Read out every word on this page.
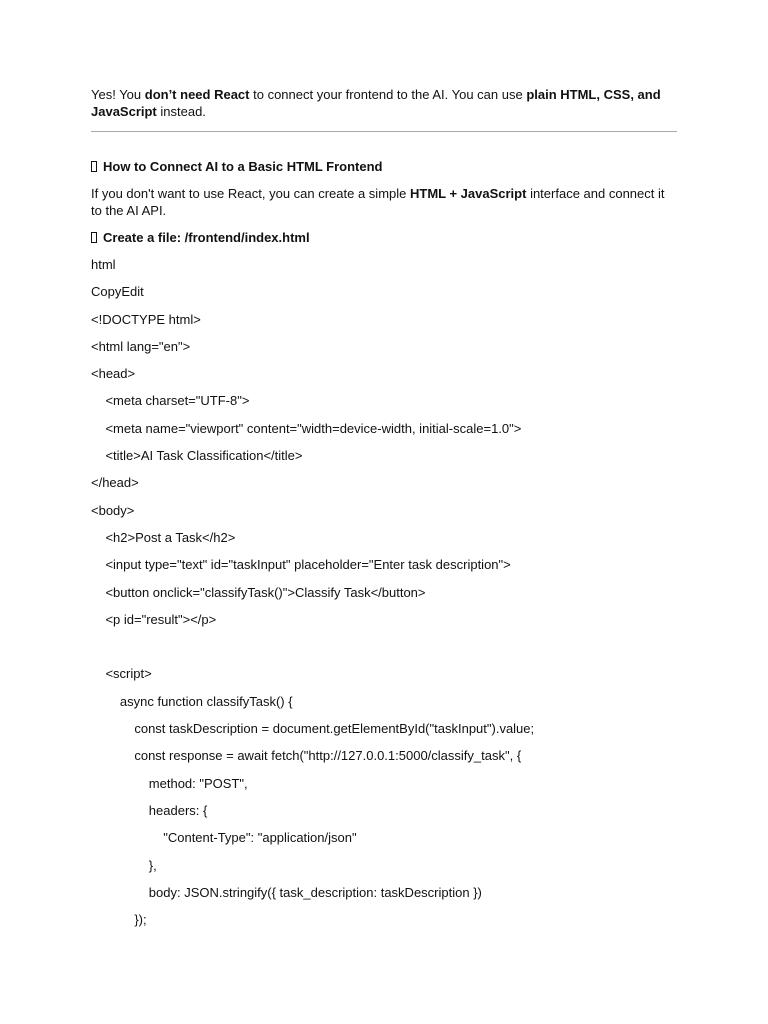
Yes! You don’t need React to connect your frontend to the AI. You can use plain HTML, CSS, and JavaScript instead.

How to Connect AI to a Basic HTML Frontend

If you don't want to use React, you can create a simple HTML + JavaScript interface and connect it to the AI API.

Create a file: /frontend/index.html

html

CopyEdit

<!DOCTYPE html>

<html lang="en">

<head>

<meta charset="UTF-8">

<meta name="viewport" content="width=device-width, initial-scale=1.0">

<title>AI Task Classification</title>

</head>

<body>

<h2>Post a Task</h2>

<input type="text" id="taskInput" placeholder="Enter task description">

<button onclick="classifyTask()">Classify Task</button>

<p id="result"></p>

<script>

async function classifyTask() {

const taskDescription = document.getElementById("taskInput").value;

const response = await fetch("http://127.0.0.1:5000/classify_task", {

method: "POST",

headers: {

"Content-Type": "application/json"

},

body: JSON.stringify({ task_description: taskDescription })

});
